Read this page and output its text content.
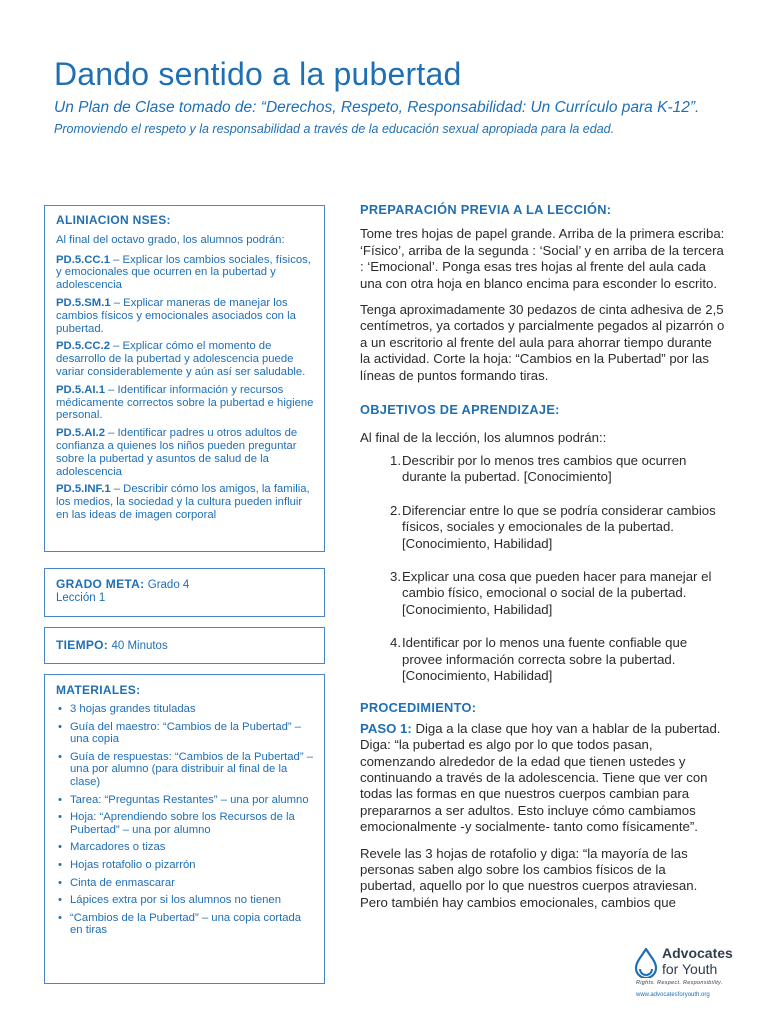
Dando sentido a la pubertad
Un Plan de Clase tomado de: “Derechos, Respeto, Responsabilidad: Un Currículo para K-12”.
Promoviendo el respeto y la responsabilidad a través de la educación sexual apropiada para la edad.
ALINIACION NSES:

Al final del octavo grado, los alumnos podrán:

PD.5.CC.1 – Explicar los cambios sociales, físicos, y emocionales que ocurren en la pubertad y adolescencia

PD.5.SM.1 – Explicar maneras de manejar los cambios físicos y emocionales asociados con la pubertad.

PD.5.CC.2 – Explicar cómo el momento de desarrollo de la pubertad y adolescencia puede variar considerablemente y aún así ser saludable.

PD.5.AI.1 – Identificar información y recursos médicamente correctos sobre la pubertad e higiene personal.

PD.5.AI.2 – Identificar padres u otros adultos de confianza a quienes los niños pueden preguntar sobre la pubertad y asuntos de salud de la adolescencia

PD.5.INF.1 – Describir cómo los amigos, la familia, los medios, la sociedad y la cultura pueden influir en las ideas de imagen corporal

GRADO META: Grado 4
Lección 1
TIEMPO: 40 Minutos
MATERIALES:
• 3 hojas grandes tituladas
• Guía del maestro: “Cambios de la Pubertad” – una copia
• Guía de respuestas: “Cambios de la Pubertad” – una por alumno (para distribuir al final de la clase)
• Tarea: “Preguntas Restantes” – una por alumno
• Hoja: “Aprendiendo sobre los Recursos de la Pubertad” – una por alumno
• Marcadores o tizas
• Hojas rotafolio o pizarrón
• Cinta de enmascarar
• Lápices extra por si los alumnos no tienen
• “Cambios de la Pubertad” – una copia cortada en tiras
PREPARACIÓN PREVIA A LA LECCIÓN:

Tome tres hojas de papel grande. Arriba de la primera escriba: ‘Físico’, arriba de la segunda : ‘Social’ y en arriba de la tercera : ‘Emocional’. Ponga esas tres hojas al frente del aula cada una con otra hoja en blanco encima para esconder lo escrito.

Tenga aproximadamente 30 pedazos de cinta adhesiva de 2,5 centímetros, ya cortados y parcialmente pegados al pizarrón o a un escritorio al frente del aula para ahorrar tiempo durante la actividad. Corte la hoja: “Cambios en la Pubertad” por las líneas de puntos formando tiras.

OBJETIVOS DE APRENDIZAJE:

Al final de la lección, los alumnos podrán::

1. Describir por lo menos tres cambios que ocurren durante la pubertad. [Conocimiento]
2. Diferenciar entre lo que se podría considerar cambios físicos, sociales y emocionales de la pubertad. [Conocimiento, Habilidad]
3. Explicar una cosa que pueden hacer para manejar el cambio físico, emocional o social de la pubertad. [Conocimiento, Habilidad]
4. Identificar por lo menos una fuente confiable que provee información correcta sobre la pubertad. [Conocimiento, Habilidad]
PROCEDIMIENTO:

PASO 1: Diga a la clase que hoy van a hablar de la pubertad. Diga: “la pubertad es algo por lo que todos pasan, comenzando alrededor de la edad que tienen ustedes y continuando a través de la adolescencia. Tiene que ver con todas las formas en que nuestros cuerpos cambian para prepararnos a ser adultos. Esto incluye cómo cambiamos emocionalmente -y socialmente- tanto como físicamente”.

Revele las 3 hojas de rotafolio y diga: “la mayoría de las personas saben algo sobre los cambios físicos de la pubertad, aquello por lo que nuestros cuerpos atraviesan. Pero también hay cambios emocionales, cambios que

Advocates
for Youth
Rights. Respect. Responsibility.
www.advocatesforyouth.org
